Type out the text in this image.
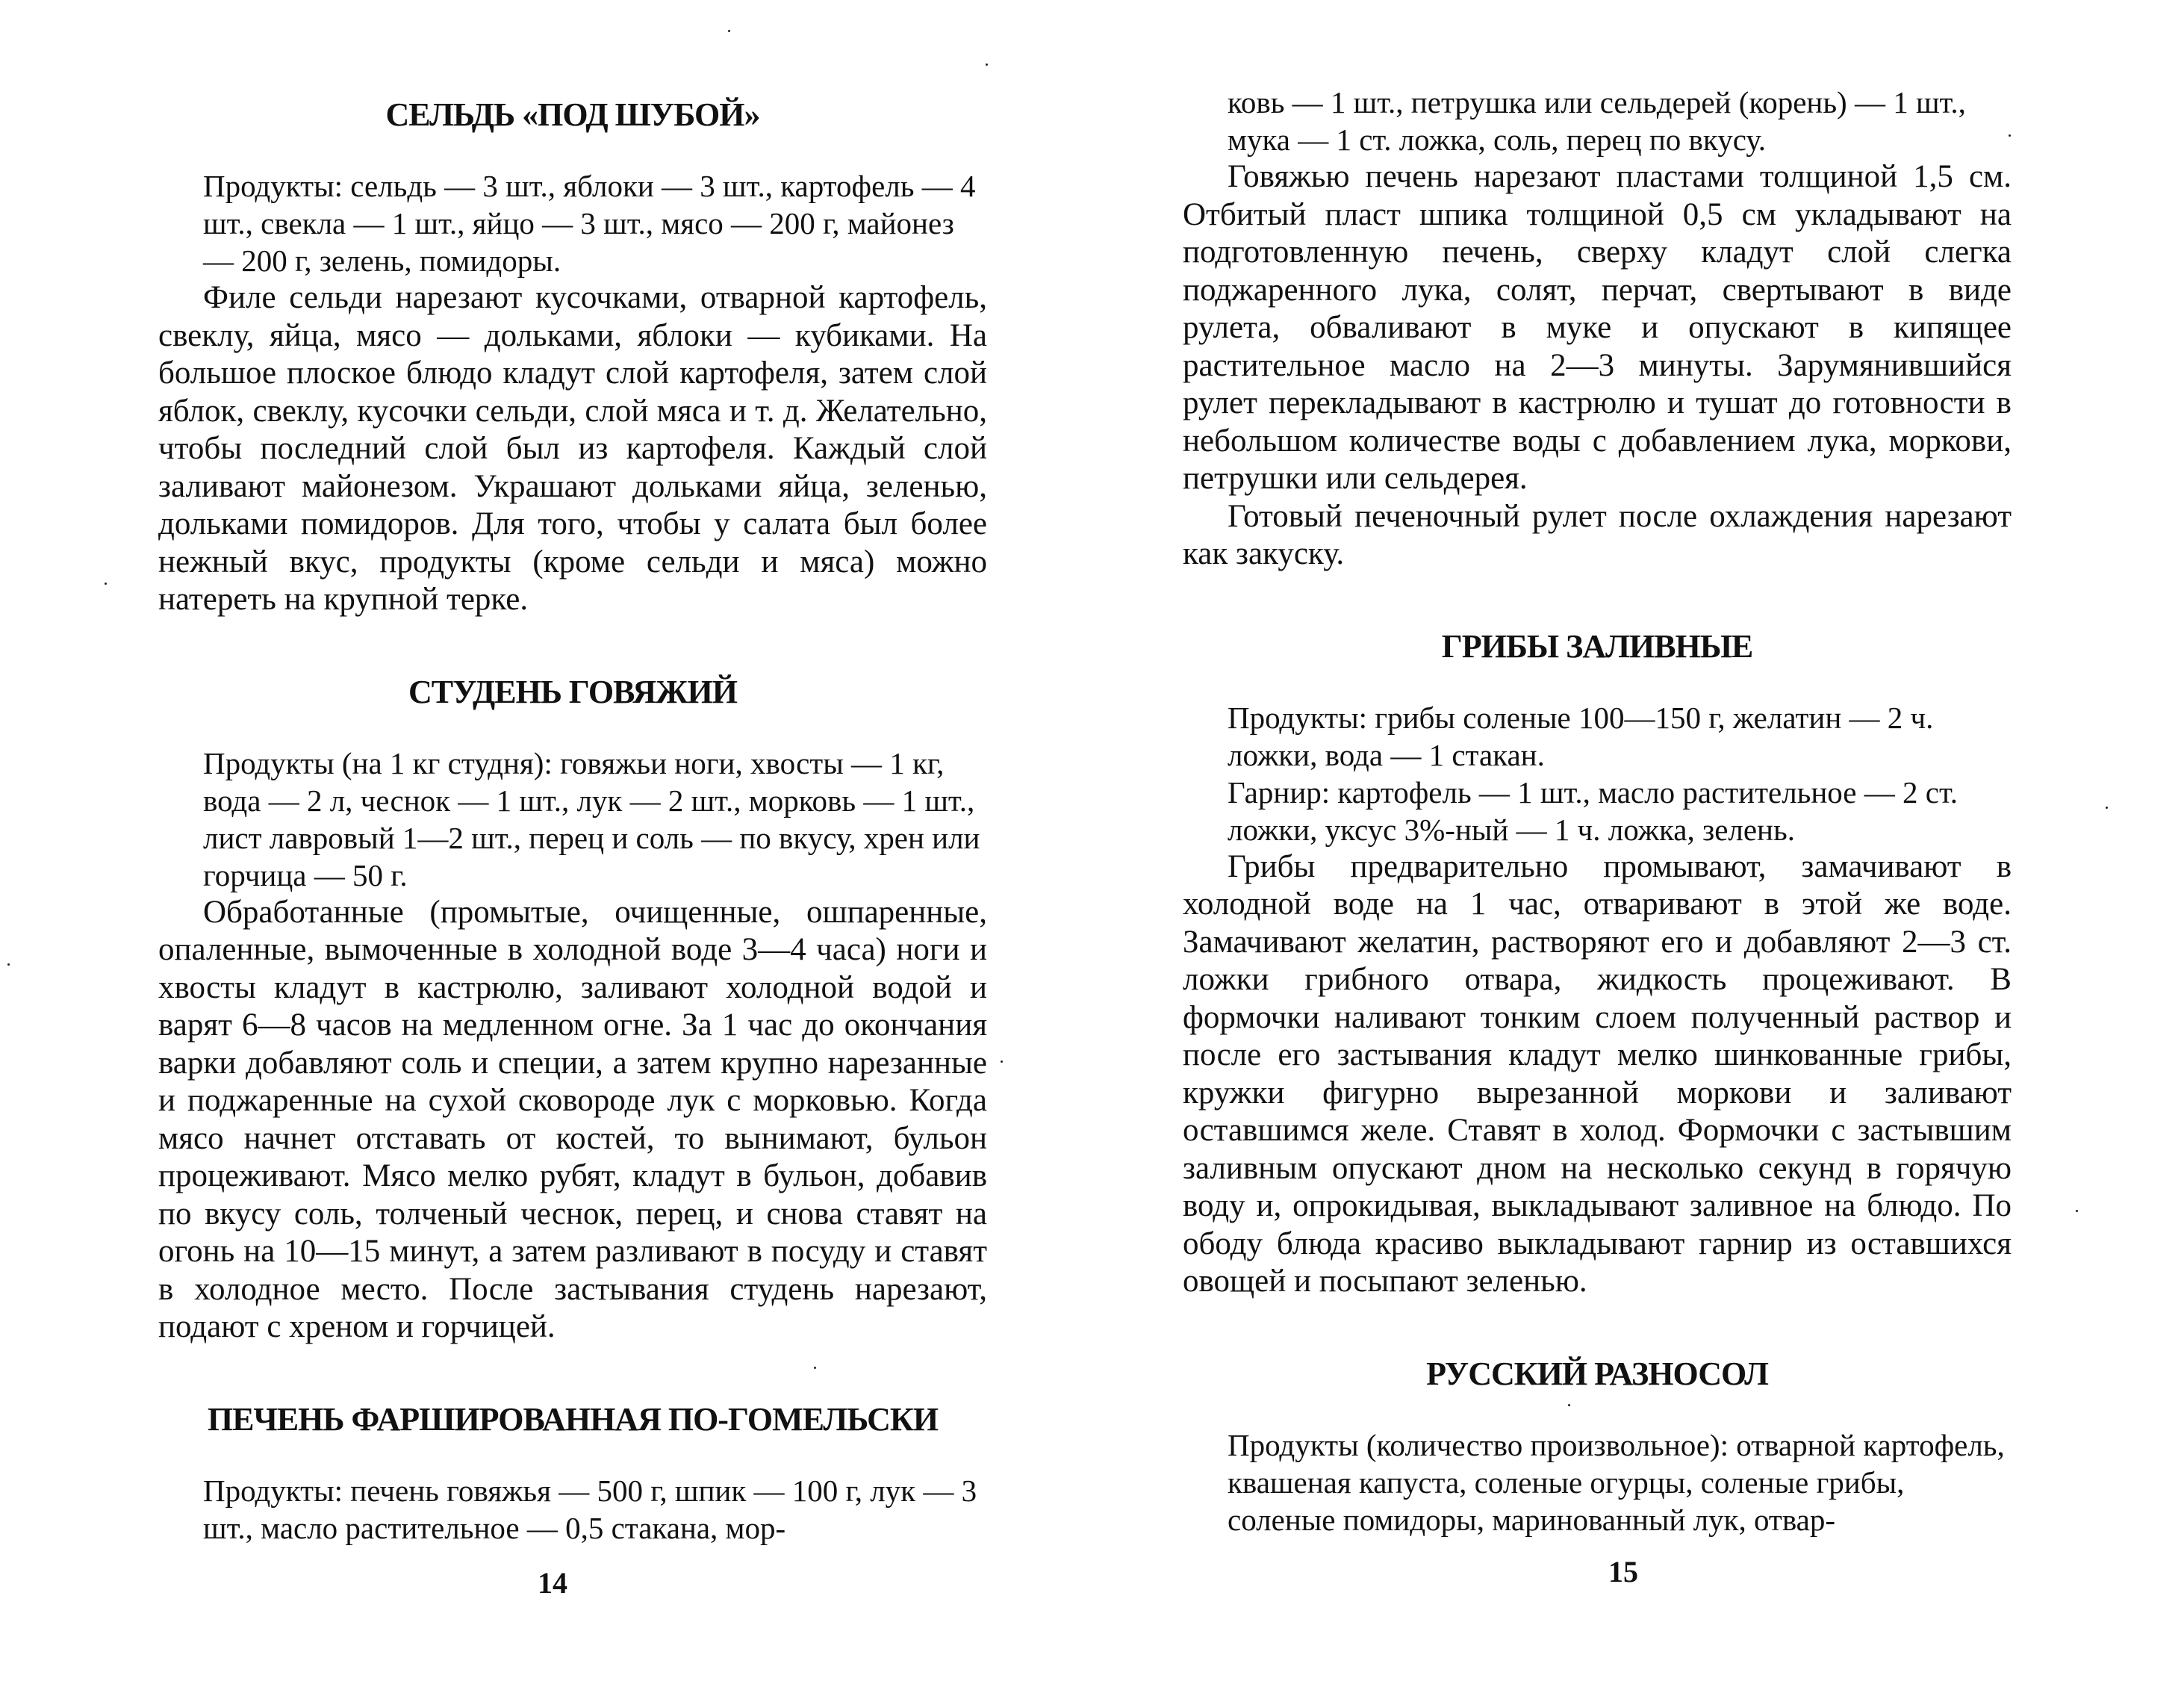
СЕЛЬДЬ «ПОД ШУБОЙ»

Продукты: сельдь — 3 шт., яблоки — 3 шт., картофель — 4 шт., свекла — 1 шт., яйцо — 3 шт., мясо — 200 г, майонез — 200 г, зелень, помидоры.

Филе сельди нарезают кусочками, отварной картофель, свеклу, яйца, мясо — дольками, яблоки — кубиками. На большое плоское блюдо кладут слой картофеля, затем слой яблок, свеклу, кусочки сельди, слой мяса и т. д. Желательно, чтобы последний слой был из картофеля. Каждый слой заливают майонезом. Украшают дольками яйца, зеленью, дольками помидоров. Для того, чтобы у салата был более нежный вкус, продукты (кроме сельди и мяса) можно натереть на крупной терке.

СТУДЕНЬ ГОВЯЖИЙ

Продукты (на 1 кг студня): говяжьи ноги, хвосты — 1 кг, вода — 2 л, чеснок — 1 шт., лук — 2 шт., морковь — 1 шт., лист лавровый 1—2 шт., перец и соль — по вкусу, хрен или горчица — 50 г.

Обработанные (промытые, очищенные, ошпаренные, опаленные, вымоченные в холодной воде 3—4 часа) ноги и хвосты кладут в кастрюлю, заливают холодной водой и варят 6—8 часов на медленном огне. За 1 час до окончания варки добавляют соль и специи, а затем крупно нарезанные и поджаренные на сухой сковороде лук с морковью. Когда мясо начнет отставать от костей, то вынимают, бульон процеживают. Мясо мелко рубят, кладут в бульон, добавив по вкусу соль, толченый чеснок, перец, и снова ставят на огонь на 10—15 минут, а затем разливают в посуду и ставят в холодное место. После застывания студень нарезают, подают с хреном и горчицей.

ПЕЧЕНЬ ФАРШИРОВАННАЯ ПО-ГОМЕЛЬСКИ

Продукты: печень говяжья — 500 г, шпик — 100 г, лук — 3 шт., масло растительное — 0,5 стакана, мор-

14

ковь — 1 шт., петрушка или сельдерей (корень) — 1 шт., мука — 1 ст. ложка, соль, перец по вкусу.

Говяжью печень нарезают пластами толщиной 1,5 см. Отбитый пласт шпика толщиной 0,5 см укладывают на подготовленную печень, сверху кладут слой слегка поджаренного лука, солят, перчат, свертывают в виде рулета, обваливают в муке и опускают в кипящее растительное масло на 2—3 минуты. Зарумянившийся рулет перекладывают в кастрюлю и тушат до готовности в небольшом количестве воды с добавлением лука, моркови, петрушки или сельдерея.

Готовый печеночный рулет после охлаждения нарезают как закуску.

ГРИБЫ ЗАЛИВНЫЕ

Продукты: грибы соленые 100—150 г, желатин — 2 ч. ложки, вода — 1 стакан.

Гарнир: картофель — 1 шт., масло растительное — 2 ст. ложки, уксус 3%-ный — 1 ч. ложка, зелень.

Грибы предварительно промывают, замачивают в холодной воде на 1 час, отваривают в этой же воде. Замачивают желатин, растворяют его и добавляют 2—3 ст. ложки грибного отвара, жидкость процеживают. В формочки наливают тонким слоем полученный раствор и после его застывания кладут мелко шинкованные грибы, кружки фигурно вырезанной моркови и заливают оставшимся желе. Ставят в холод. Формочки с застывшим заливным опускают дном на несколько секунд в горячую воду и, опрокидывая, выкладывают заливное на блюдо. По ободу блюда красиво выкладывают гарнир из оставшихся овощей и посыпают зеленью.

РУССКИЙ РАЗНОСОЛ

Продукты (количество произвольное): отварной картофель, квашеная капуста, соленые огурцы, соленые грибы, соленые помидоры, маринованный лук, отвар-

15
